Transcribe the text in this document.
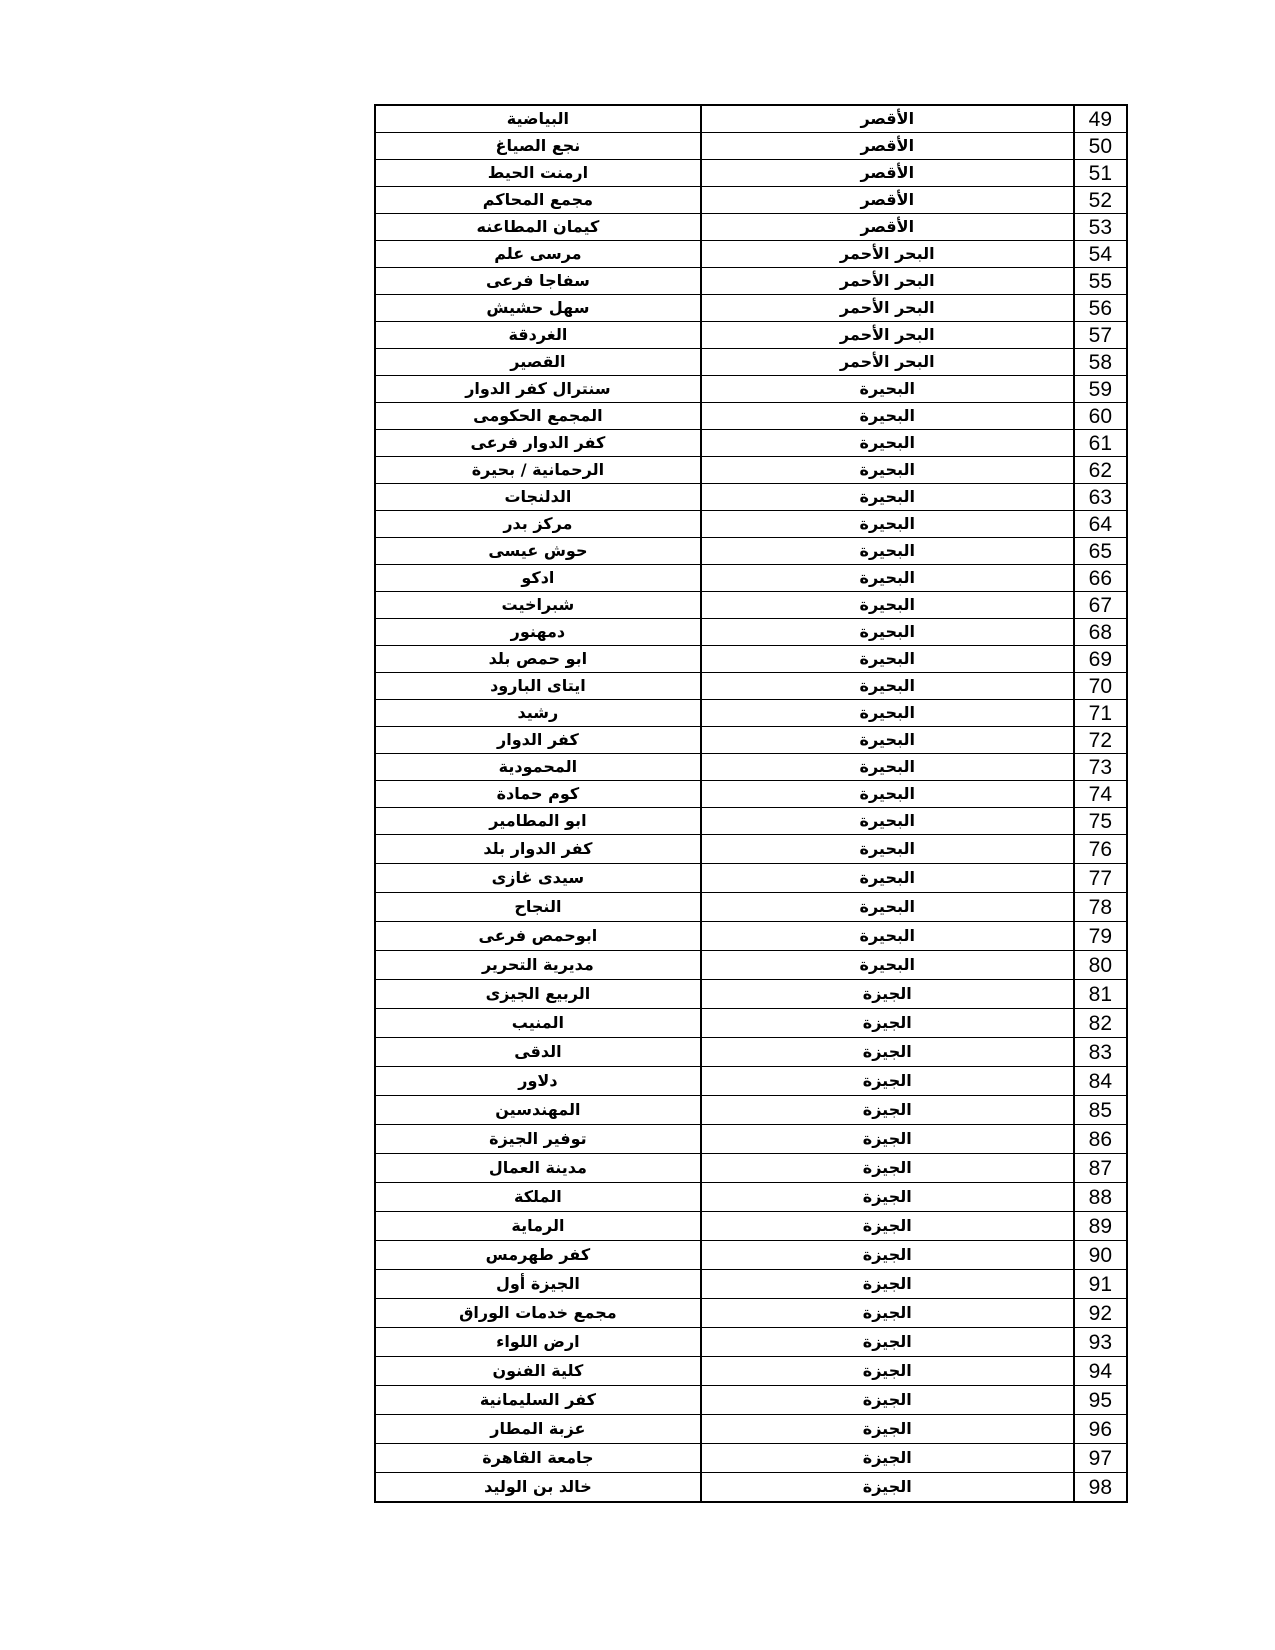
البياضية	الأقصر	49
نجع الصياغ	الأقصر	50
ارمنت الحيط	الأقصر	51
مجمع المحاكم	الأقصر	52
كيمان المطاعنه	الأقصر	53
مرسى علم	البحر الأحمر	54
سفاجا فرعى	البحر الأحمر	55
سهل حشيش	البحر الأحمر	56
الغردقة	البحر الأحمر	57
القصير	البحر الأحمر	58
سنترال كفر الدوار	البحيرة	59
المجمع الحكومى	البحيرة	60
كفر الدوار فرعى	البحيرة	61
الرحمانية / بحيرة	البحيرة	62
الدلنجات	البحيرة	63
مركز بدر	البحيرة	64
حوش عيسى	البحيرة	65
ادكو	البحيرة	66
شبراخيت	البحيرة	67
دمهنور	البحيرة	68
ابو حمص بلد	البحيرة	69
ايتاى البارود	البحيرة	70
رشيد	البحيرة	71
كفر الدوار	البحيرة	72
المحمودية	البحيرة	73
كوم حمادة	البحيرة	74
ابو المطامير	البحيرة	75
كفر الدوار بلد	البحيرة	76
سيدى غازى	البحيرة	77
النجاح	البحيرة	78
ابوحمص فرعى	البحيرة	79
مديرية التحرير	البحيرة	80
الربيع الجيزى	الجيزة	81
المنيب	الجيزة	82
الدقى	الجيزة	83
دلاور	الجيزة	84
المهندسين	الجيزة	85
توفير الجيزة	الجيزة	86
مدينة العمال	الجيزة	87
الملكة	الجيزة	88
الرماية	الجيزة	89
كفر طهرمس	الجيزة	90
الجيزة أول	الجيزة	91
مجمع خدمات الوراق	الجيزة	92
ارض اللواء	الجيزة	93
كلية الفنون	الجيزة	94
كفر السليمانية	الجيزة	95
عزبة المطار	الجيزة	96
جامعة القاهرة	الجيزة	97
خالد بن الوليد	الجيزة	98
